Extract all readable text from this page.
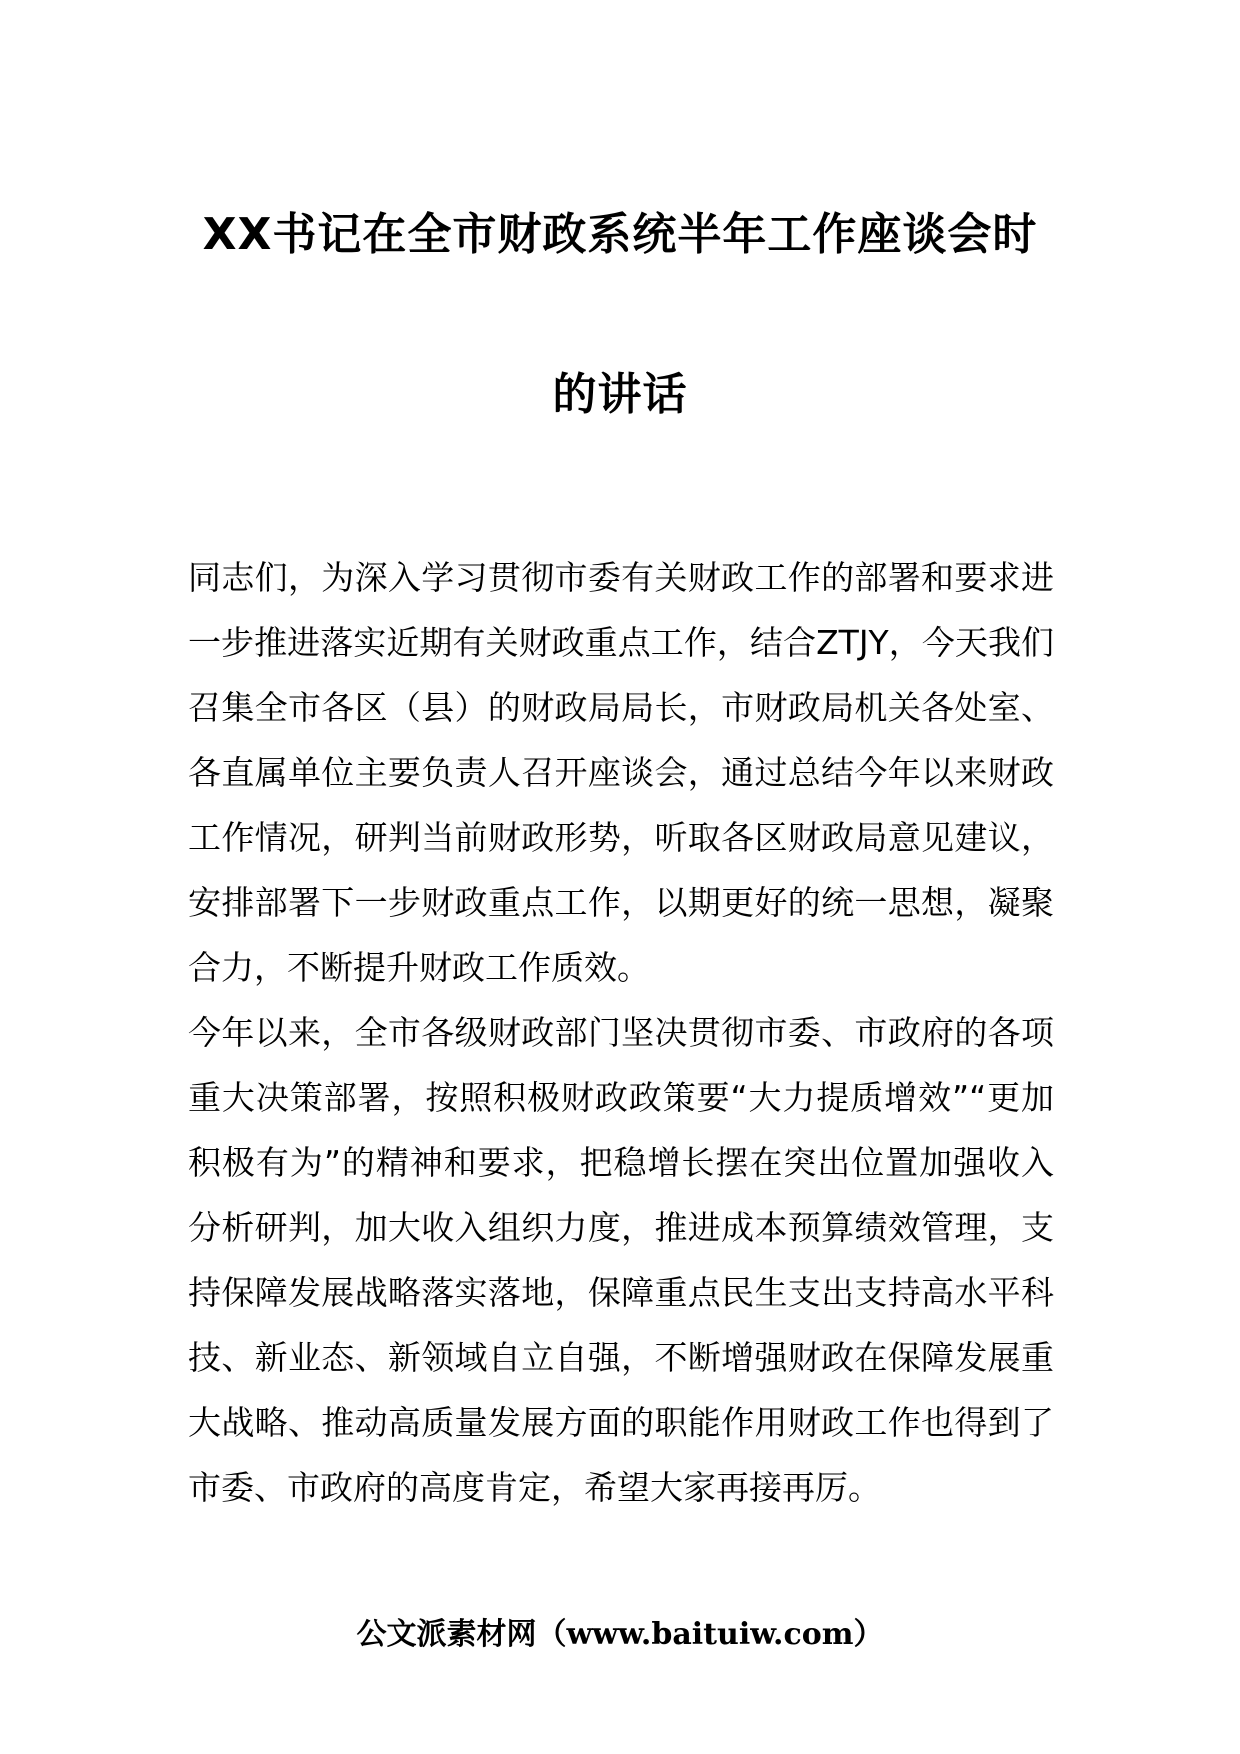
XX书记在全市财政系统半年工作座谈会时
的讲话

同志们，为深入学习贯彻市委有关财政工作的部署和要求进一步推进落实近期有关财政重点工作，结合ZTJY，今天我们召集全市各区（县）的财政局局长，市财政局机关各处室、各直属单位主要负责人召开座谈会，通过总结今年以来财政工作情况，研判当前财政形势，听取各区财政局意见建议，安排部署下一步财政重点工作，以期更好的统一思想，凝聚合力，不断提升财政工作质效。

今年以来，全市各级财政部门坚决贯彻市委、市政府的各项重大决策部署，按照积极财政政策要“大力提质增效”“更加积极有为”的精神和要求，把稳增长摆在突出位置加强收入分析研判，加大收入组织力度，推进成本预算绩效管理，支持保障发展战略落实落地，保障重点民生支出支持高水平科技、新业态、新领域自立自强，不断增强财政在保障发展重大战略、推动高质量发展方面的职能作用财政工作也得到了市委、市政府的高度肯定，希望大家再接再厉。

公文派素材网（www.baituiw.com）
